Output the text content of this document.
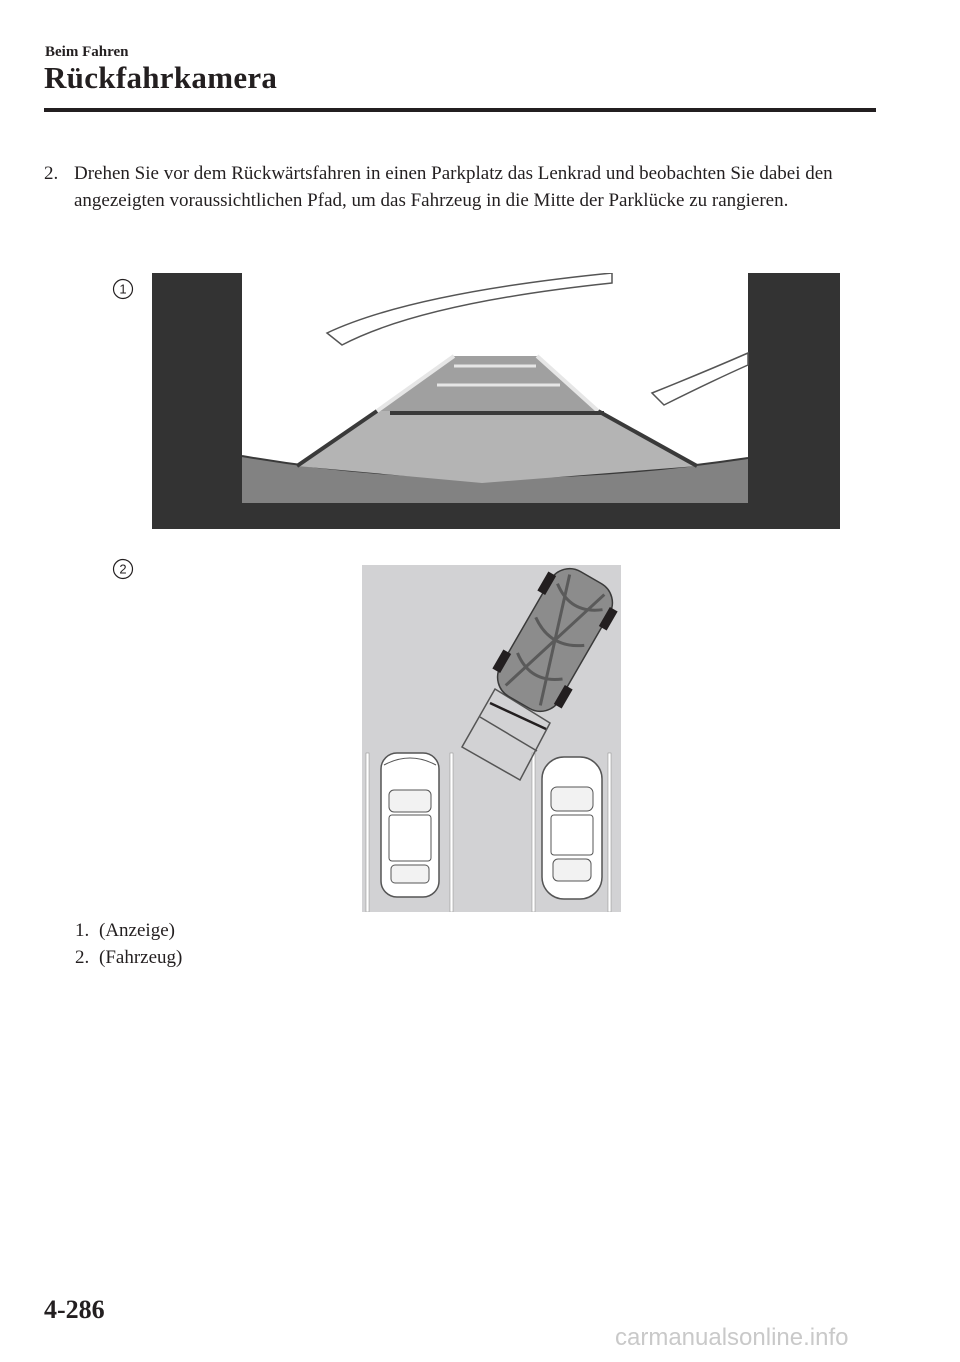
Beim Fahren
Rückfahrkamera
2. Drehen Sie vor dem Rückwärtsfahren in einen Parkplatz das Lenkrad und beobachten Sie dabei den angezeigten voraussichtlichen Pfad, um das Fahrzeug in die Mitte der Parklücke zu rangieren.
1
2
1. (Anzeige)
2. (Fahrzeug)
4-286
carmanualsonline.info
